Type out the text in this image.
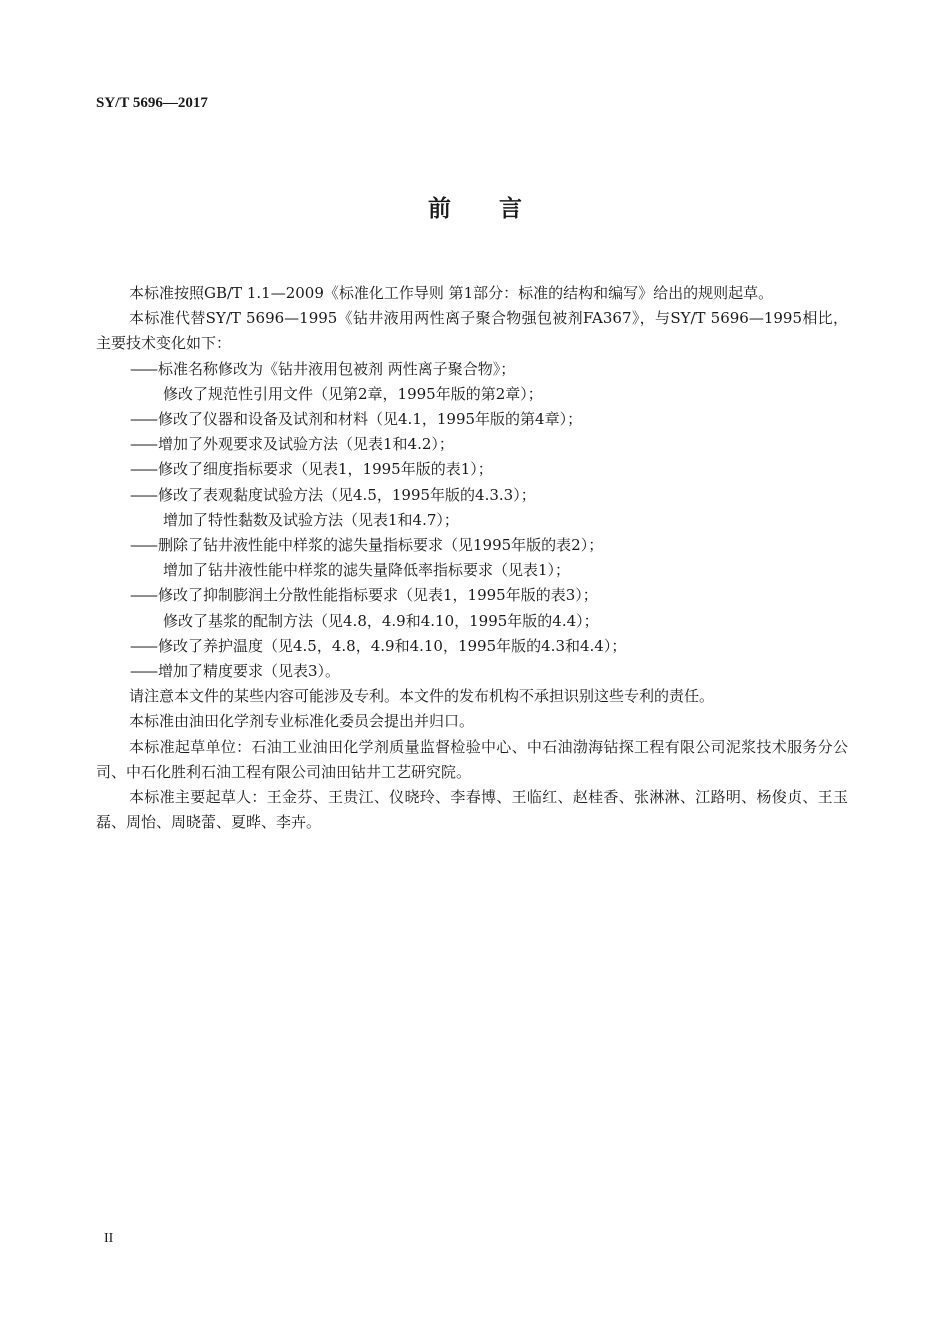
SY/T 5696—2017
前言

本标准按照GB/T 1.1—2009《标准化工作导则 第1部分：标准的结构和编写》给出的规则起草。

本标准代替SY/T 5696—1995《钻井液用两性离子聚合物强包被剂FA367》，与SY/T 5696—1995相比，主要技术变化如下：

—— 标准名称修改为《钻井液用包被剂 两性离子聚合物》；

修改了规范性引用文件（见第2章，1995年版的第2章）；

—— 修改了仪器和设备及试剂和材料（见4.1，1995年版的第4章）；

—— 增加了外观要求及试验方法（见表1和4.2）；

—— 修改了细度指标要求（见表1，1995年版的表1）；

—— 修改了表观黏度试验方法（见4.5，1995年版的4.3.3）；

增加了特性黏数及试验方法（见表1和4.7）；

—— 删除了钻井液性能中样浆的滤失量指标要求（见1995年版的表2）；

增加了钻井液性能中样浆的滤失量降低率指标要求（见表1）；

—— 修改了抑制膨润土分散性能指标要求（见表1，1995年版的表3）；

修改了基浆的配制方法（见4.8，4.9和4.10，1995年版的4.4）；

—— 修改了养护温度（见4.5，4.8，4.9和4.10，1995年版的4.3和4.4）；

—— 增加了精度要求（见表3）。

请注意本文件的某些内容可能涉及专利。本文件的发布机构不承担识别这些专利的责任。

本标准由油田化学剂专业标准化委员会提出并归口。

本标准起草单位：石油工业油田化学剂质量监督检验中心、中石油渤海钻探工程有限公司泥浆技术服务分公司、中石化胜利石油工程有限公司油田钻井工艺研究院。

本标准主要起草人：王金芬、王贵江、仪晓玲、李春博、王临红、赵桂香、张淋淋、江路明、杨俊贞、王玉磊、周怡、周晓蕾、夏晔、李卉。

II
